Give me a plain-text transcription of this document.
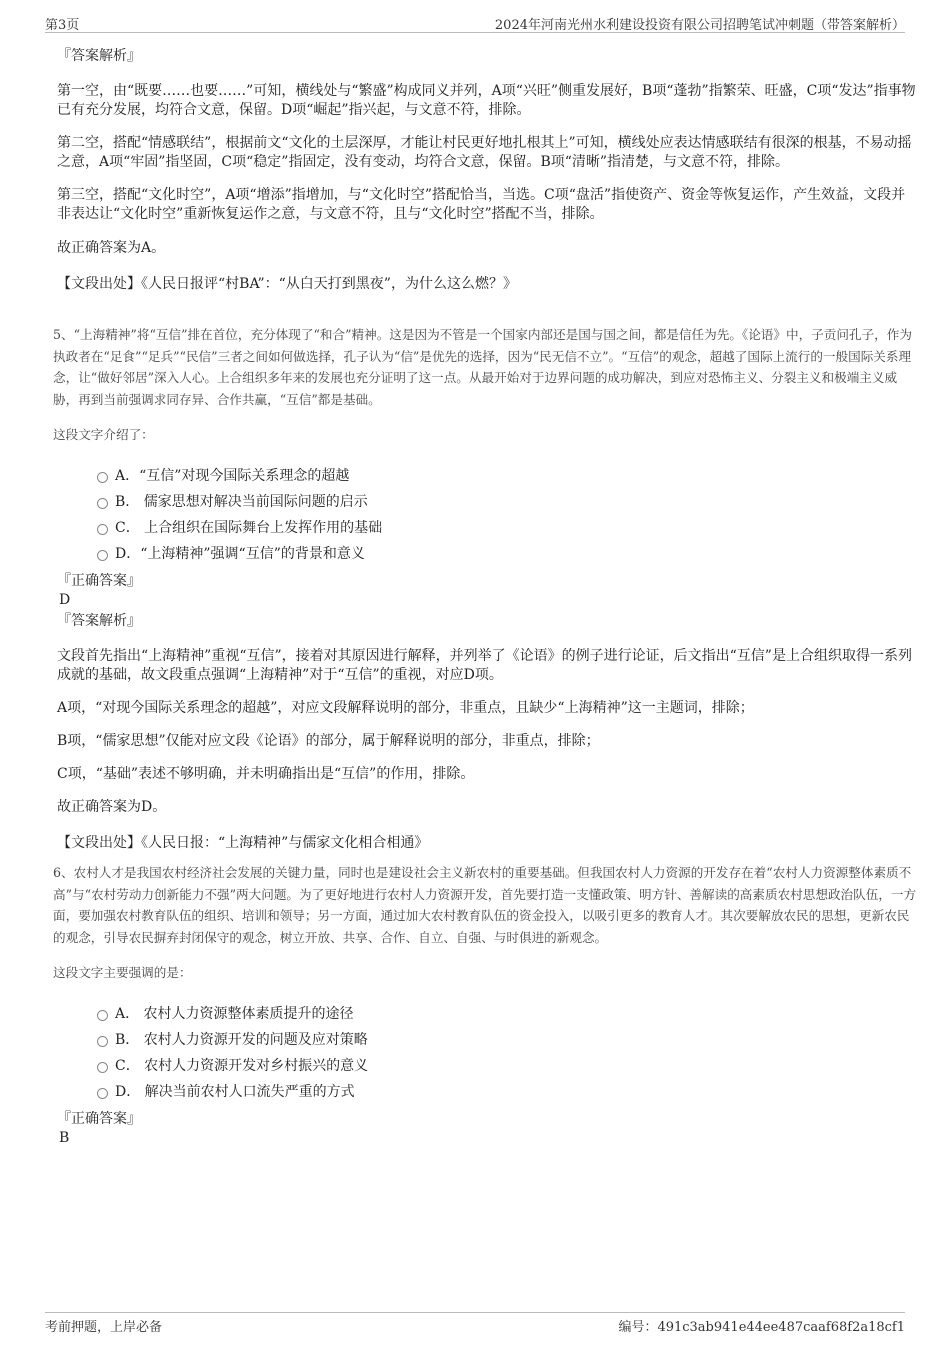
第3页	2024年河南光州水利建设投资有限公司招聘笔试冲刺题（带答案解析）

『答案解析』

第一空，由“既要……也要……”可知，横线处与“繁盛”构成同义并列，A项“兴旺”侧重发展好，B项“蓬勃”指繁荣、旺盛，C项“发达”指事物已有充分发展，均符合文意，保留。D项“崛起”指兴起，与文意不符，排除。

第二空，搭配“情感联结”，根据前文“文化的土层深厚，才能让村民更好地扎根其上”可知，横线处应表达情感联结有很深的根基，不易动摇之意，A项“牢固”指坚固，C项“稳定”指固定，没有变动，均符合文意，保留。B项“清晰”指清楚，与文意不符，排除。

第三空，搭配“文化时空”，A项“增添”指增加，与“文化时空”搭配恰当，当选。C项“盘活”指使资产、资金等恢复运作，产生效益，文段并非表达让“文化时空”重新恢复运作之意，与文意不符，且与“文化时空”搭配不当，排除。

故正确答案为A。

【文段出处】《人民日报评“村BA”：“从白天打到黑夜”，为什么这么燃？》

5、“上海精神”将“互信”排在首位，充分体现了“和合”精神。这是因为不管是一个国家内部还是国与国之间，都是信任为先。《论语》中，子贡问孔子，作为执政者在“足食”“足兵”“民信”三者之间如何做选择，孔子认为“信”是优先的选择，因为“民无信不立”。“互信”的观念，超越了国际上流行的一般国际关系理念，让“做好邻居”深入人心。上合组织多年来的发展也充分证明了这一点。从最开始对于边界问题的成功解决，到应对恐怖主义、分裂主义和极端主义威胁，再到当前强调求同存异、合作共赢，“互信”都是基础。

这段文字介绍了：

A．“互信”对现今国际关系理念的超越
B． 儒家思想对解决当前国际问题的启示
C． 上合组织在国际舞台上发挥作用的基础
D．“上海精神”强调“互信”的背景和意义

『正确答案』

D

『答案解析』

文段首先指出“上海精神”重视“互信”，接着对其原因进行解释，并列举了《论语》的例子进行论证，后文指出“互信”是上合组织取得一系列成就的基础，故文段重点强调“上海精神”对于“互信”的重视，对应D项。

A项，“对现今国际关系理念的超越”，对应文段解释说明的部分，非重点，且缺少“上海精神”这一主题词，排除；

B项，“儒家思想”仅能对应文段《论语》的部分，属于解释说明的部分，非重点，排除；

C项，“基础”表述不够明确，并未明确指出是“互信”的作用，排除。

故正确答案为D。

【文段出处】《人民日报：“上海精神”与儒家文化相合相通》

6、农村人才是我国农村经济社会发展的关键力量，同时也是建设社会主义新农村的重要基础。但我国农村人力资源的开发存在着“农村人力资源整体素质不高”与“农村劳动力创新能力不强”两大问题。为了更好地进行农村人力资源开发，首先要打造一支懂政策、明方针、善解读的高素质农村思想政治队伍，一方面，要加强农村教育队伍的组织、培训和领导；另一方面，通过加大农村教育队伍的资金投入，以吸引更多的教育人才。其次要解放农民的思想，更新农民的观念，引导农民摒弃封闭保守的观念，树立开放、共享、合作、自立、自强、与时俱进的新观念。

这段文字主要强调的是：

A． 农村人力资源整体素质提升的途径
B． 农村人力资源开发的问题及应对策略
C． 农村人力资源开发对乡村振兴的意义
D． 解决当前农村人口流失严重的方式

『正确答案』

B

考前押题，上岸必备	编号：491c3ab941e44ee487caaf68f2a18cf1
